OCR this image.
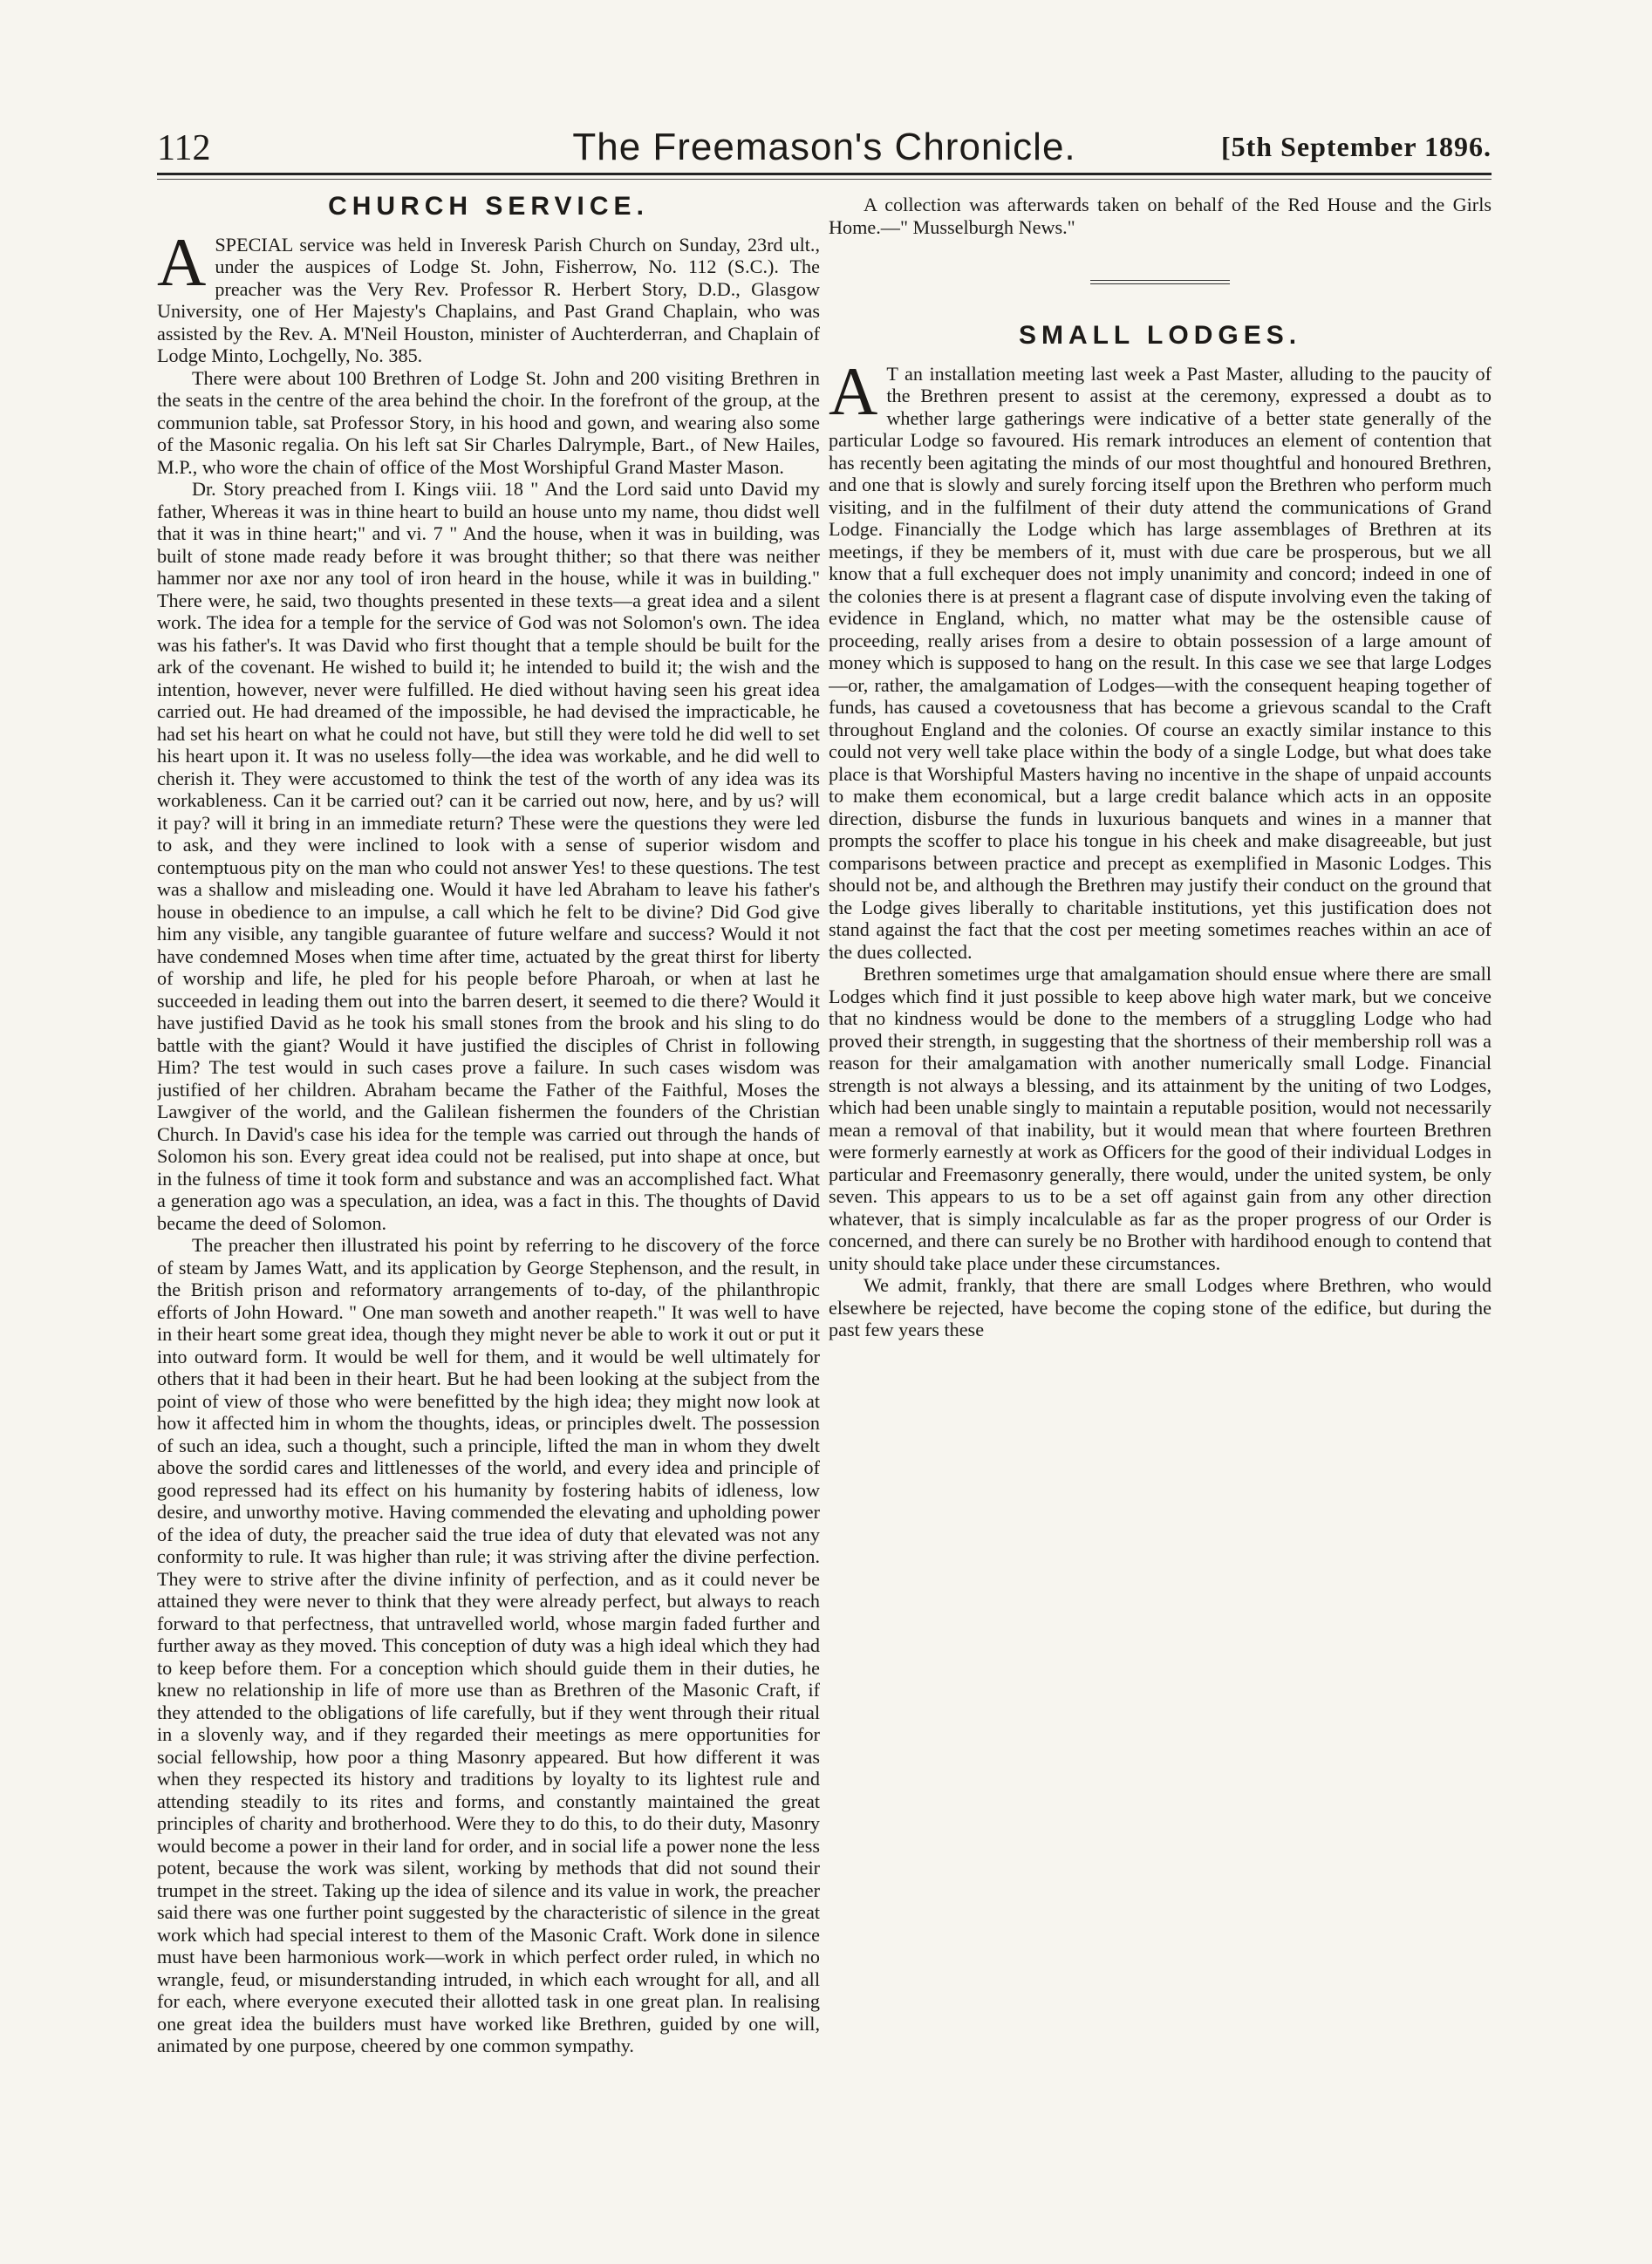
112	The Freemason's Chronicle.	[5th September 1896.
CHURCH SERVICE.

ASPECIAL service was held in Inveresk Parish Church on Sunday, 23rd ult., under the auspices of Lodge St. John, Fisherrow, No. 112 (S.C.). The preacher was the Very Rev. Professor R. Herbert Story, D.D., Glasgow University, one of Her Majesty's Chaplains, and Past Grand Chaplain, who was assisted by the Rev. A. M'Neil Houston, minister of Auchterderran, and Chaplain of Lodge Minto, Lochgelly, No. 385.

There were about 100 Brethren of Lodge St. John and 200 visiting Brethren in the seats in the centre of the area behind the choir. In the forefront of the group, at the communion table, sat Professor Story, in his hood and gown, and wearing also some of the Masonic regalia. On his left sat Sir Charles Dalrymple, Bart., of New Hailes, M.P., who wore the chain of office of the Most Worshipful Grand Master Mason.

Dr. Story preached from I. Kings viii. 18 " And the Lord said unto David my father, Whereas it was in thine heart to build an house unto my name, thou didst well that it was in thine heart;" and vi. 7 " And the house, when it was in building, was built of stone made ready before it was brought thither; so that there was neither hammer nor axe nor any tool of iron heard in the house, while it was in building." There were, he said, two thoughts presented in these texts—a great idea and a silent work. The idea for a temple for the service of God was not Solomon's own. The idea was his father's. It was David who first thought that a temple should be built for the ark of the covenant. He wished to build it; he intended to build it; the wish and the intention, however, never were fulfilled. He died without having seen his great idea carried out. He had dreamed of the impossible, he had devised the impracticable, he had set his heart on what he could not have, but still they were told he did well to set his heart upon it. It was no useless folly—the idea was workable, and he did well to cherish it. They were accustomed to think the test of the worth of any idea was its workableness. Can it be carried out? can it be carried out now, here, and by us? will it pay? will it bring in an immediate return? These were the questions they were led to ask, and they were inclined to look with a sense of superior wisdom and contemptuous pity on the man who could not answer Yes! to these questions. The test was a shallow and misleading one. Would it have led Abraham to leave his father's house in obedience to an impulse, a call which he felt to be divine? Did God give him any visible, any tangible guarantee of future welfare and success? Would it not have condemned Moses when time after time, actuated by the great thirst for liberty of worship and life, he pled for his people before Pharoah, or when at last he succeeded in leading them out into the barren desert, it seemed to die there? Would it have justified David as he took his small stones from the brook and his sling to do battle with the giant? Would it have justified the disciples of Christ in following Him? The test would in such cases prove a failure. In such cases wisdom was justified of her children. Abraham became the Father of the Faithful, Moses the Lawgiver of the world, and the Galilean fishermen the founders of the Christian Church. In David's case his idea for the temple was carried out through the hands of Solomon his son. Every great idea could not be realised, put into shape at once, but in the fulness of time it took form and substance and was an accomplished fact. What a generation ago was a speculation, an idea, was a fact in this. The thoughts of David became the deed of Solomon.

The preacher then illustrated his point by referring to he discovery of the force of steam by James Watt, and its application by George Stephenson, and the result, in the British prison and reformatory arrangements of to-day, of the philanthropic efforts of John Howard. " One man soweth and another reapeth." It was well to have in their heart some great idea, though they might never be able to work it out or put it into outward form. It would be well for them, and it would be well ultimately for others that it had been in their heart. But he had been looking at the subject from the point of view of those who were benefitted by the high idea; they might now look at how it affected him in whom the thoughts, ideas, or principles dwelt. The possession of such an idea, such a thought, such a principle, lifted the man in whom they dwelt above the sordid cares and littlenesses of the world, and every idea and principle of good repressed had its effect on his humanity by fostering habits of idleness, low desire, and unworthy motive. Having commended the elevating and upholding power of the idea of duty, the preacher said the true idea of duty that elevated was not any conformity to rule. It was higher than rule; it was striving after the divine perfection. They were to strive after the divine infinity of perfection, and as it could never be attained they were never to think that they were already perfect, but always to reach forward to that perfectness, that untravelled world, whose margin faded further and further away as they moved. This conception of duty was a high ideal which they had to keep before them. For a conception which should guide them in their duties, he knew no relationship in life of more use than as Brethren of the Masonic Craft, if they attended to the obligations of life carefully, but if they went through their ritual in a slovenly way, and if they regarded their meetings as mere opportunities for social fellowship, how poor a thing Masonry appeared. But how different it was when they respected its history and traditions by loyalty to its lightest rule and attending steadily to its rites and forms, and constantly maintained the great principles of charity and brotherhood. Were they to do this, to do their duty, Masonry would become a power in their land for order, and in social life a power none the less potent, because the work was silent, working by methods that did not sound their trumpet in the street. Taking up the idea of silence and its value in work, the preacher said there was one further point suggested by the characteristic of silence in the great work which had special interest to them of the Masonic Craft. Work done in silence must have been harmonious work—work in which perfect order ruled, in which no wrangle, feud, or misunderstanding intruded, in which each wrought for all, and all for each, where everyone executed their allotted task in one great plan. In realising one great idea the builders must have worked like Brethren, guided by one will, animated by one purpose, cheered by one common sympathy.

A collection was afterwards taken on behalf of the Red House and the Girls Home.—" Musselburgh News."

SMALL LODGES.

A T an installation meeting last week a Past Master, alluding to the paucity of the Brethren present to assist at the ceremony, expressed a doubt as to whether large gatherings were indicative of a better state generally of the particular Lodge so favoured. His remark introduces an element of contention that has recently been agitating the minds of our most thoughtful and honoured Brethren, and one that is slowly and surely forcing itself upon the Brethren who perform much visiting, and in the fulfilment of their duty attend the communications of Grand Lodge. Financially the Lodge which has large assemblages of Brethren at its meetings, if they be members of it, must with due care be prosperous, but we all know that a full exchequer does not imply unanimity and concord; indeed in one of the colonies there is at present a flagrant case of dispute involving even the taking of evidence in England, which, no matter what may be the ostensible cause of proceeding, really arises from a desire to obtain possession of a large amount of money which is supposed to hang on the result. In this case we see that large Lodges—or, rather, the amalgamation of Lodges—with the consequent heaping together of funds, has caused a covetousness that has become a grievous scandal to the Craft throughout England and the colonies. Of course an exactly similar instance to this could not very well take place within the body of a single Lodge, but what does take place is that Worshipful Masters having no incentive in the shape of unpaid accounts to make them economical, but a large credit balance which acts in an opposite direction, disburse the funds in luxurious banquets and wines in a manner that prompts the scoffer to place his tongue in his cheek and make disagreeable, but just comparisons between practice and precept as exemplified in Masonic Lodges. This should not be, and although the Brethren may justify their conduct on the ground that the Lodge gives liberally to charitable institutions, yet this justification does not stand against the fact that the cost per meeting sometimes reaches within an ace of the dues collected.

Brethren sometimes urge that amalgamation should ensue where there are small Lodges which find it just possible to keep above high water mark, but we conceive that no kindness would be done to the members of a struggling Lodge who had proved their strength, in suggesting that the shortness of their membership roll was a reason for their amalgamation with another numerically small Lodge. Financial strength is not always a blessing, and its attainment by the uniting of two Lodges, which had been unable singly to maintain a reputable position, would not necessarily mean a removal of that inability, but it would mean that where fourteen Brethren were formerly earnestly at work as Officers for the good of their individual Lodges in particular and Freemasonry generally, there would, under the united system, be only seven. This appears to us to be a set off against gain from any other direction whatever, that is simply incalculable as far as the proper progress of our Order is concerned, and there can surely be no Brother with hardihood enough to contend that unity should take place under these circumstances.

We admit, frankly, that there are small Lodges where Brethren, who would elsewhere be rejected, have become the coping stone of the edifice, but during the past few years these
